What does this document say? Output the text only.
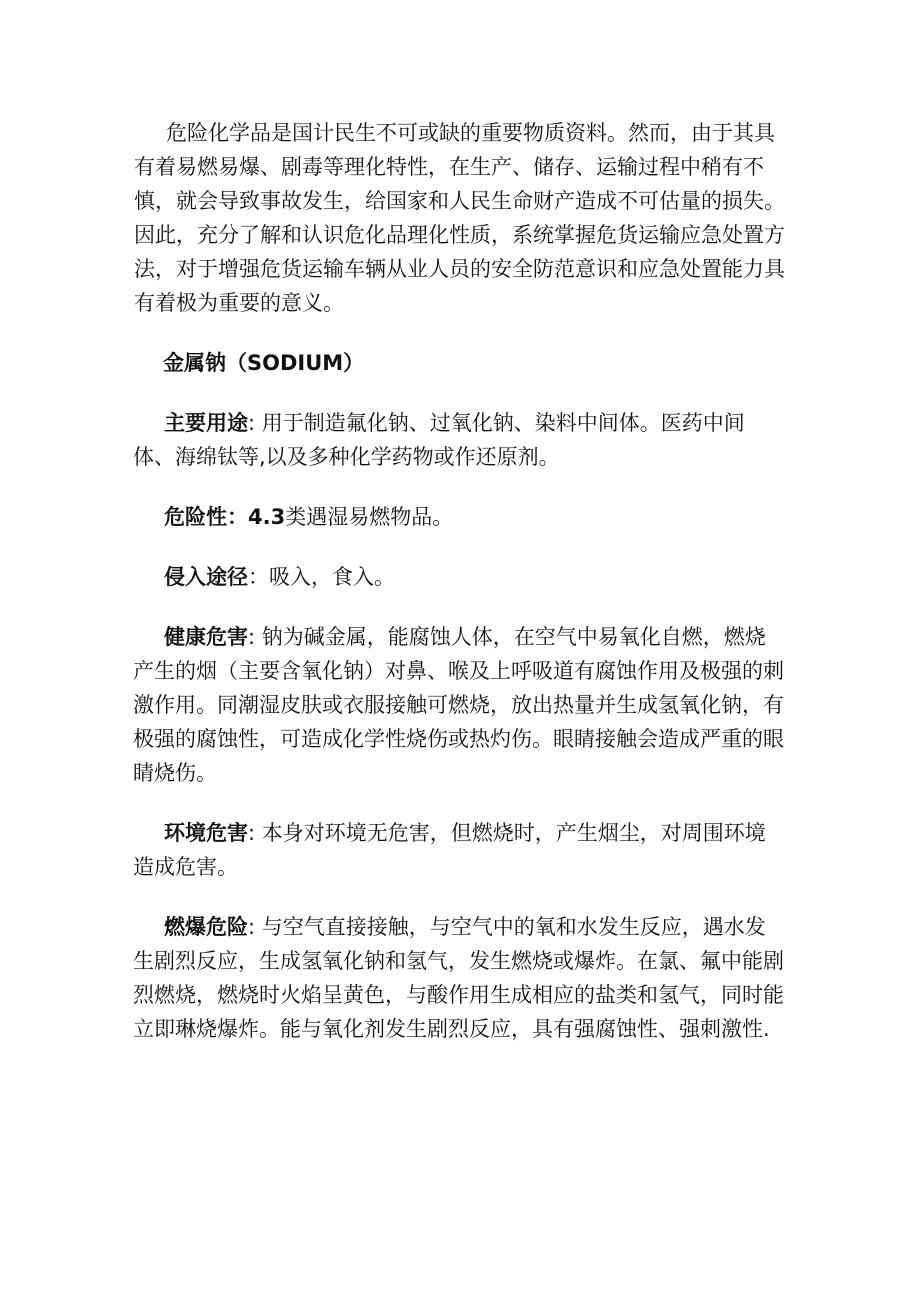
危险化学品是国计民生不可或缺的重要物质资料。然而，由于其具有着易燃易爆、剧毒等理化特性，在生产、储存、运输过程中稍有不慎，就会导致事故发生，给国家和人民生命财产造成不可估量的损失。因此，充分了解和认识危化品理化性质，系统掌握危货运输应急处置方法，对于增强危货运输车辆从业人员的安全防范意识和应急处置能力具有着极为重要的意义。

金属钠（SODIUM）

主要用途: 用于制造氟化钠、过氧化钠、染料中间体。医药中间体、海绵钛等,以及多种化学药物或作还原剂。

危险性：4.3类遇湿易燃物品。

侵入途径：吸入，食入。

健康危害: 钠为碱金属，能腐蚀人体，在空气中易氧化自燃，燃烧产生的烟（主要含氧化钠）对鼻、喉及上呼吸道有腐蚀作用及极强的刺激作用。同潮湿皮肤或衣服接触可燃烧，放出热量并生成氢氧化钠，有极强的腐蚀性，可造成化学性烧伤或热灼伤。眼睛接触会造成严重的眼睛烧伤。

环境危害: 本身对环境无危害，但燃烧时，产生烟尘，对周围环境造成危害。

燃爆危险: 与空气直接接触，与空气中的氧和水发生反应，遇水发生剧烈反应，生成氢氧化钠和氢气，发生燃烧或爆炸。在氯、氟中能剧烈燃烧，燃烧时火焰呈黄色，与酸作用生成相应的盐类和氢气，同时能立即琳烧爆炸。能与氧化剂发生剧烈反应，具有强腐蚀性、强刺激性.
